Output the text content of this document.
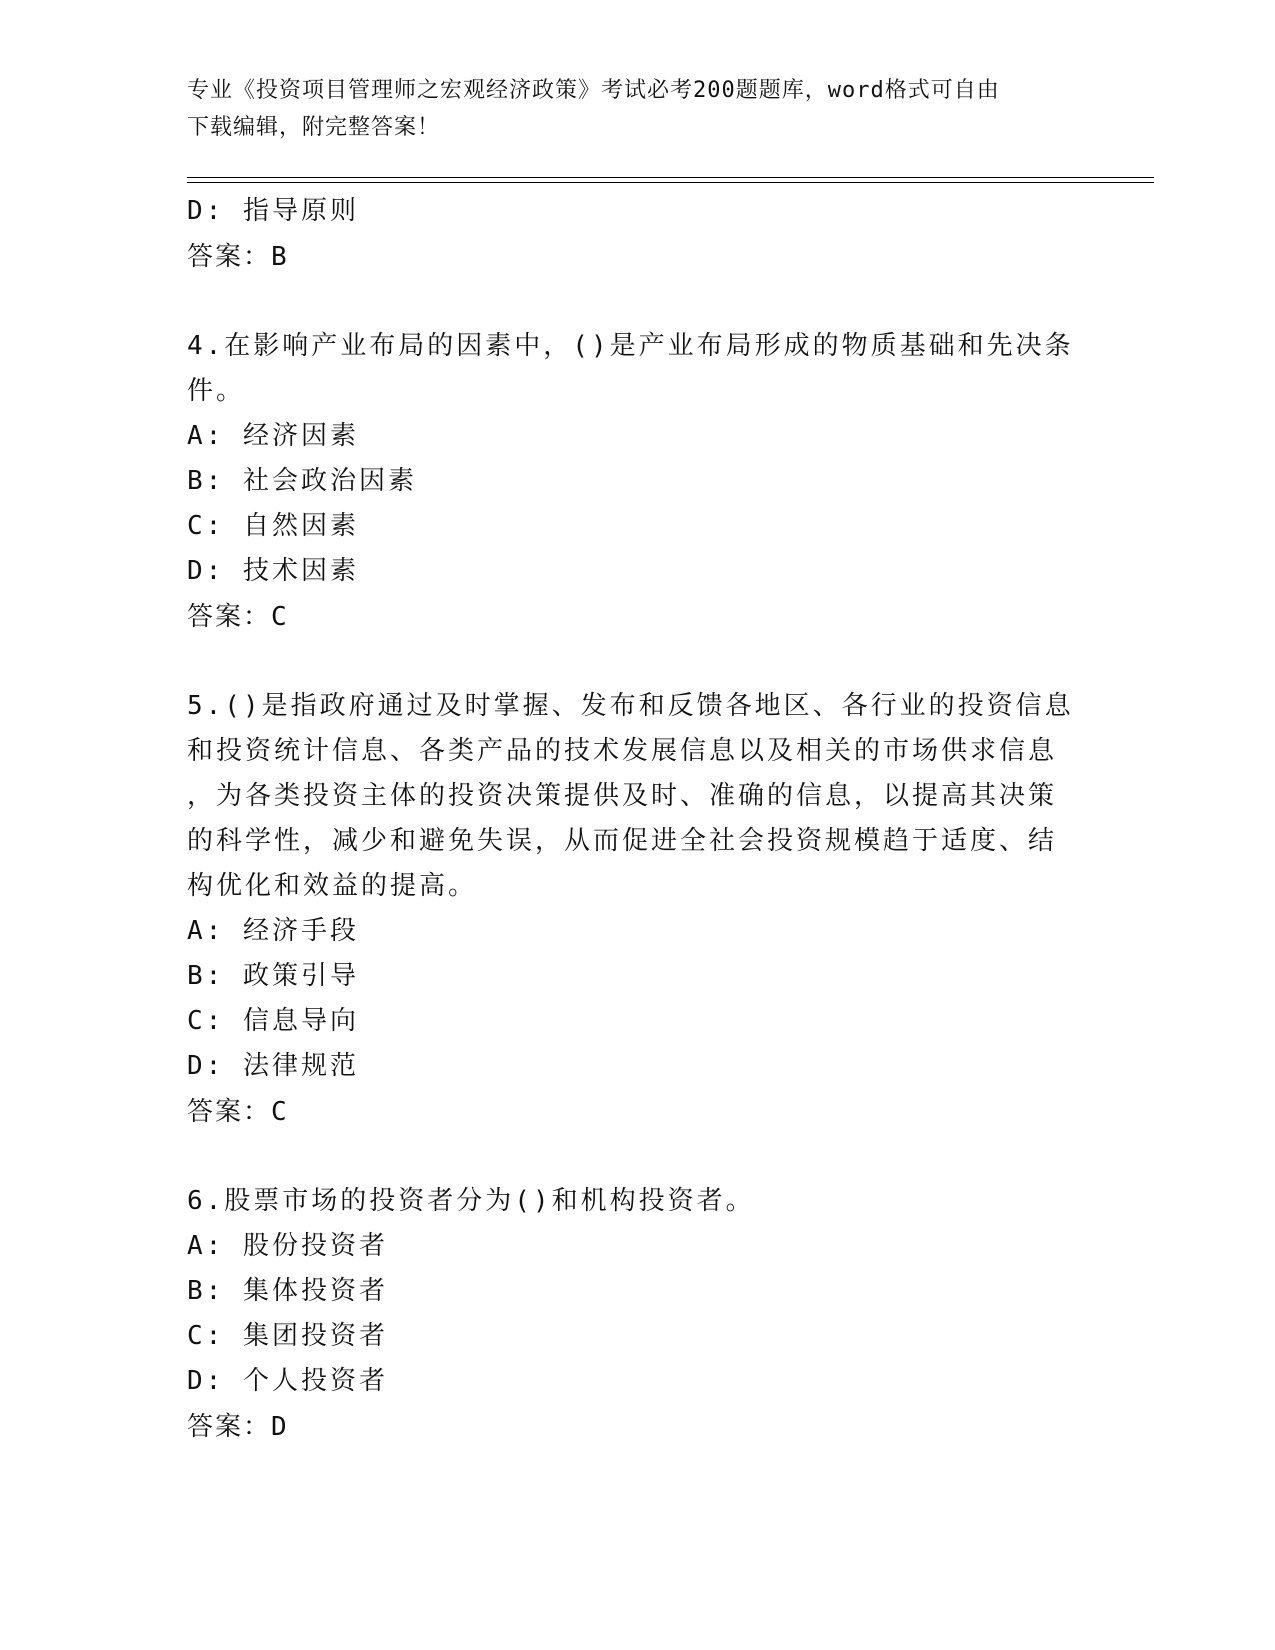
专业《投资项目管理师之宏观经济政策》考试必考200题题库，word格式可自由
下载编辑，附完整答案！
D: 指导原则
答案：B
4.在影响产业布局的因素中，()是产业布局形成的物质基础和先决条
件。
A: 经济因素
B: 社会政治因素
C: 自然因素
D: 技术因素
答案：C
5.()是指政府通过及时掌握、发布和反馈各地区、各行业的投资信息
和投资统计信息、各类产品的技术发展信息以及相关的市场供求信息
，为各类投资主体的投资决策提供及时、准确的信息，以提高其决策
的科学性，减少和避免失误，从而促进全社会投资规模趋于适度、结
构优化和效益的提高。
A: 经济手段
B: 政策引导
C: 信息导向
D: 法律规范
答案：C
6.股票市场的投资者分为()和机构投资者。
A: 股份投资者
B: 集体投资者
C: 集团投资者
D: 个人投资者
答案：D
